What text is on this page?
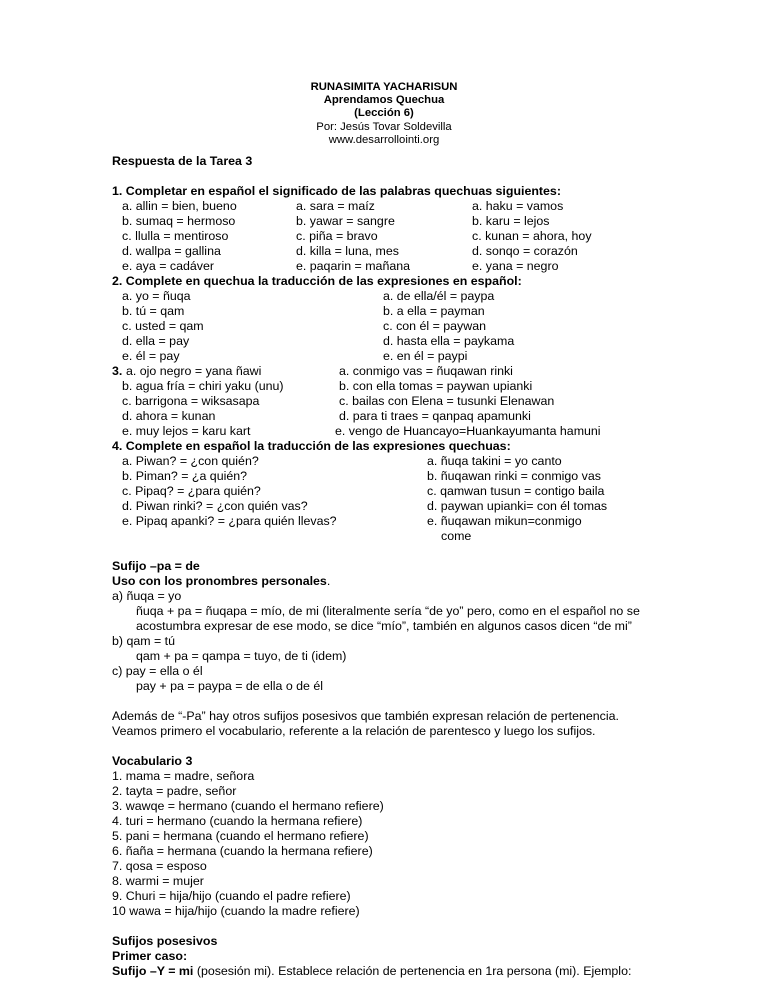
RUNASIMITA YACHARISUN
Aprendamos Quechua
(Lección 6)
Por: Jesús Tovar Soldevilla
www.desarrollointi.org
Respuesta de la Tarea 3
1. Completar en español el significado de las palabras quechuas siguientes:
a. allin = bien, bueno
b. sumaq = hermoso
c. llulla = mentiroso
d. wallpa = gallina
e. aya = cadáver
a. sara = maíz
b. yawar = sangre
c. piña = bravo
d. killa = luna, mes
e. paqarin = mañana
a. haku = vamos
b. karu = lejos
c. kunan = ahora, hoy
d. sonqo = corazón
e. yana = negro
2. Complete en quechua la traducción de las expresiones en español:
a. yo = ñuqa
b. tú = qam
c. usted = qam
d. ella = pay
e. él = pay
a. de ella/él = paypa
b. a ella = payman
c. con él = paywan
d. hasta ella = paykama
e. en él = paypi
3. a. ojo negro = yana ñawi
b. agua fría = chiri yaku (unu)
c. barrigona = wiksasapa
d. ahora = kunan
e. muy lejos = karu kart
a. conmigo vas = ñuqawan rinki
b. con ella tomas = paywan upianki
c. bailas con Elena = tusunki Elenawan
d. para ti traes = qanpaq apamunki
e. vengo de Huancayo=Huankayumanta hamuni
4. Complete en español la traducción de las expresiones quechuas:
a. Piwan? = ¿con quién?
b. Piman? = ¿a quién?
c. Pipaq? = ¿para quién?
d. Piwan rinki? = ¿con quién vas?
e. Pipaq apanki? = ¿para quién llevas?
a. ñuqa takini = yo canto
b. ñuqawan rinki = conmigo vas
c. qamwan tusun = contigo baila
d. paywan upianki= con él tomas
e. ñuqawan mikun=conmigo
come
Sufijo –pa = de
Uso con los pronombres personales.
a) ñuqa = yo
ñuqa + pa = ñuqapa = mío, de mi (literalmente sería “de yo” pero, como en el español no se
acostumbra expresar de ese modo, se dice “mío”, también en algunos casos dicen “de mi”
b) qam = tú
qam + pa = qampa = tuyo, de ti (idem)
c) pay = ella o él
pay + pa = paypa = de ella o de él
Además de “-Pa” hay otros sufijos posesivos que también expresan relación de pertenencia.
Veamos primero el vocabulario, referente a la relación de parentesco y luego los sufijos.
Vocabulario 3
1. mama = madre, señora
2. tayta = padre, señor
3. wawqe = hermano (cuando el hermano refiere)
4. turi = hermano (cuando la hermana refiere)
5. pani = hermana (cuando el hermano refiere)
6. ñaña = hermana (cuando la hermana refiere)
7. qosa = esposo
8. warmi = mujer
9. Churi = hija/hijo (cuando el padre refiere)
10 wawa = hija/hijo (cuando la madre refiere)
Sufijos posesivos
Primer caso:
Sufijo –Y = mi (posesión mi). Establece relación de pertenencia en 1ra persona (mi). Ejemplo:
